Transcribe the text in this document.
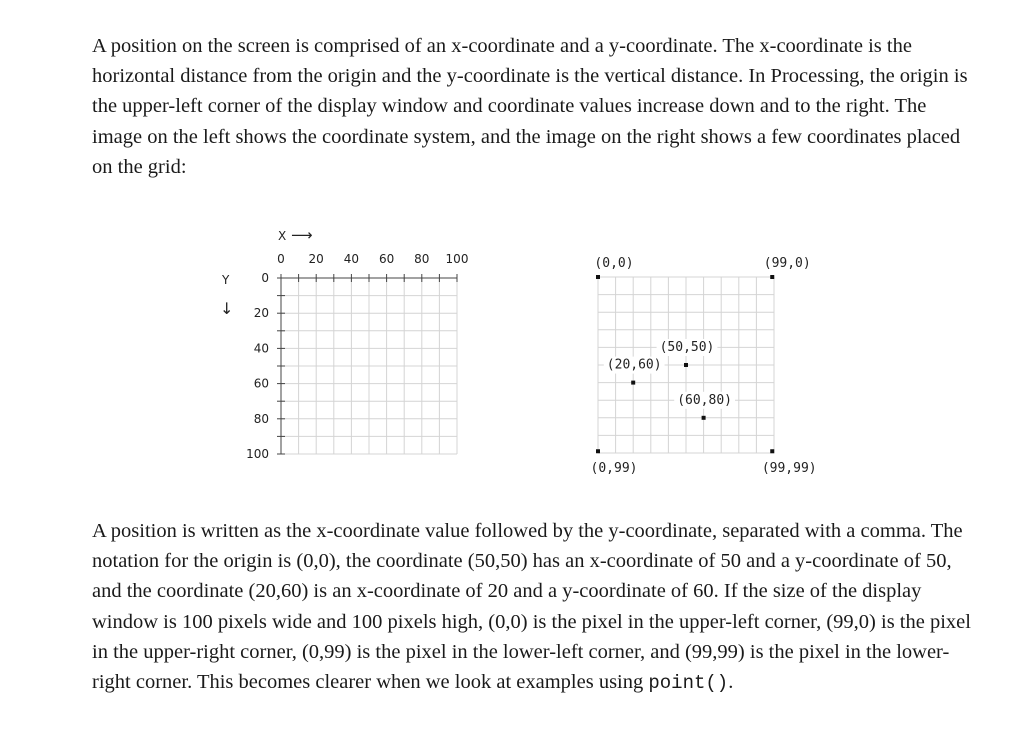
A position on the screen is comprised of an x-coordinate and a y-coordinate. The x-coordinate is the horizontal distance from the origin and the y-coordinate is the vertical distance. In Processing, the origin is the upper-left corner of the display window and coordinate values increase down and to the right. The image on the left shows the coordinate system, and the image on the right shows a few coordinates placed on the grid:

X ⟶
Y
↓
0 20 40 60 80 100
0
20
40
60
80
100
(0,0)	(99,0)
(50,50)
(20,60)
(60,80)
(0,99)	(99,99)

A position is written as the x-coordinate value followed by the y-coordinate, separated with a comma. The notation for the origin is (0,0), the coordinate (50,50) has an x-coordinate of 50 and a y-coordinate of 50, and the coordinate (20,60) is an x-coordinate of 20 and a y-coordinate of 60. If the size of the display window is 100 pixels wide and 100 pixels high, (0,0) is the pixel in the upper-left corner, (99,0) is the pixel in the upper-right corner, (0,99) is the pixel in the lower-left corner, and (99,99) is the pixel in the lower-right corner. This becomes clearer when we look at examples using point().
